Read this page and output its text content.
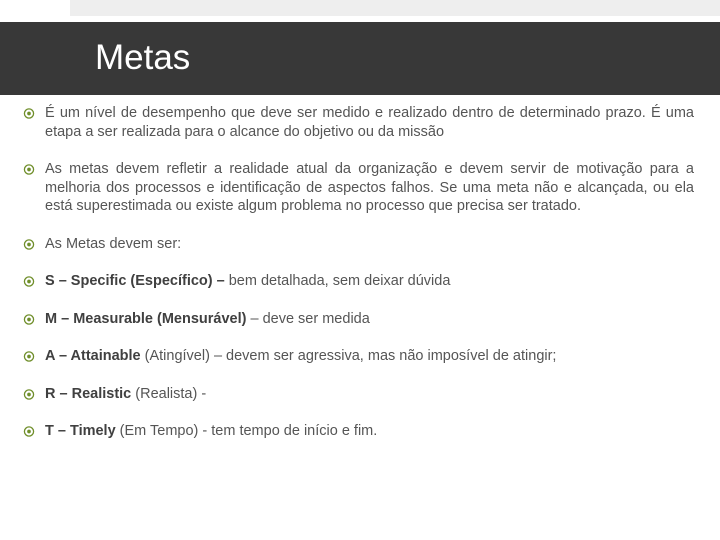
Metas
É um nível de desempenho que deve ser medido e realizado dentro de determinado prazo. É uma etapa a ser realizada para o alcance do objetivo ou da missão
As metas devem refletir a realidade atual da organização e devem servir de motivação para a melhoria dos processos e identificação de aspectos falhos. Se uma meta não e alcançada, ou ela está superestimada ou existe algum problema no processo que precisa ser tratado.
As Metas devem ser:
S – Specific (Específico) – bem detalhada, sem deixar dúvida
M – Measurable (Mensurável) – deve ser medida
A – Attainable (Atingível) – devem ser agressiva, mas não imposível de atingir;
R – Realistic (Realista) -
T – Timely (Em Tempo) - tem tempo de início e fim.
